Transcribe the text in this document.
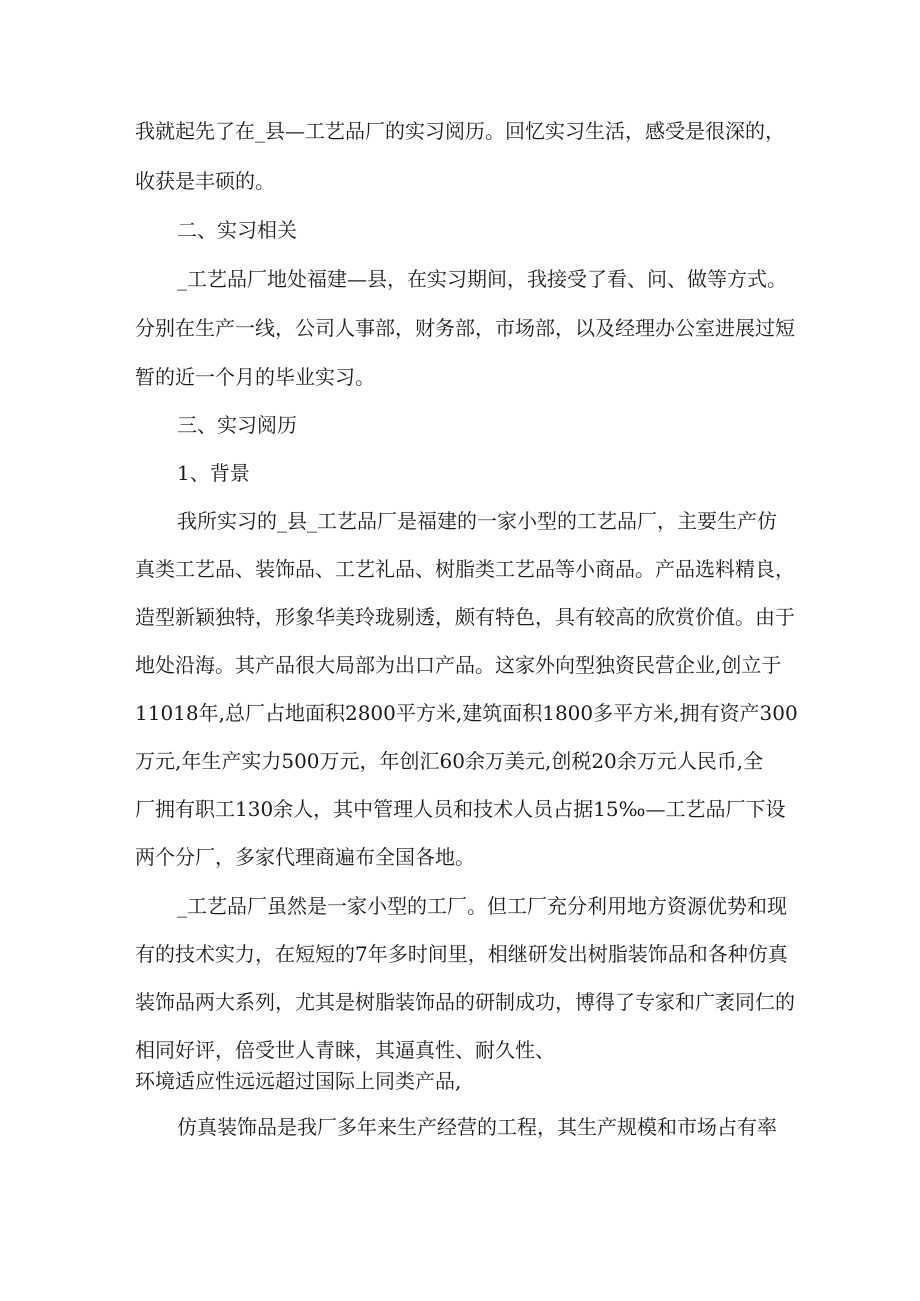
我就起先了在_县—工艺品厂的实习阅历。回忆实习生活，感受是很深的，
收获是丰硕的。
二、实习相关
_工艺品厂地处福建—县，在实习期间，我接受了看、问、做等方式。
分别在生产一线，公司人事部，财务部，市场部，以及经理办公室进展过短
暂的近一个月的毕业实习。
三、实习阅历
1、背景
我所实习的_县_工艺品厂是福建的一家小型的工艺品厂，主要生产仿
真类工艺品、装饰品、工艺礼品、树脂类工艺品等小商品。产品选料精良，
造型新颖独特，形象华美玲珑剔透，颇有特色，具有较高的欣赏价值。由于
地处沿海。其产品很大局部为出口产品。这家外向型独资民营企业,创立于
11018年,总厂占地面积2800平方米,建筑面积1800多平方米,拥有资产300
万元,年生产实力500万元，年创汇60余万美元,创税20余万元人民币,全
厂拥有职工130余人，其中管理人员和技术人员占据15‰—工艺品厂下设
两个分厂，多家代理商遍布全国各地。
_工艺品厂虽然是一家小型的工厂。但工厂充分利用地方资源优势和现
有的技术实力，在短短的7年多时间里，相继研发出树脂装饰品和各种仿真
装饰品两大系列，尤其是树脂装饰品的研制成功，博得了专家和广袤同仁的
相同好评，倍受世人青睐，其逼真性、耐久性、
环境适应性远远超过国际上同类产品,
仿真装饰品是我厂多年来生产经营的工程，其生产规模和市场占有率
